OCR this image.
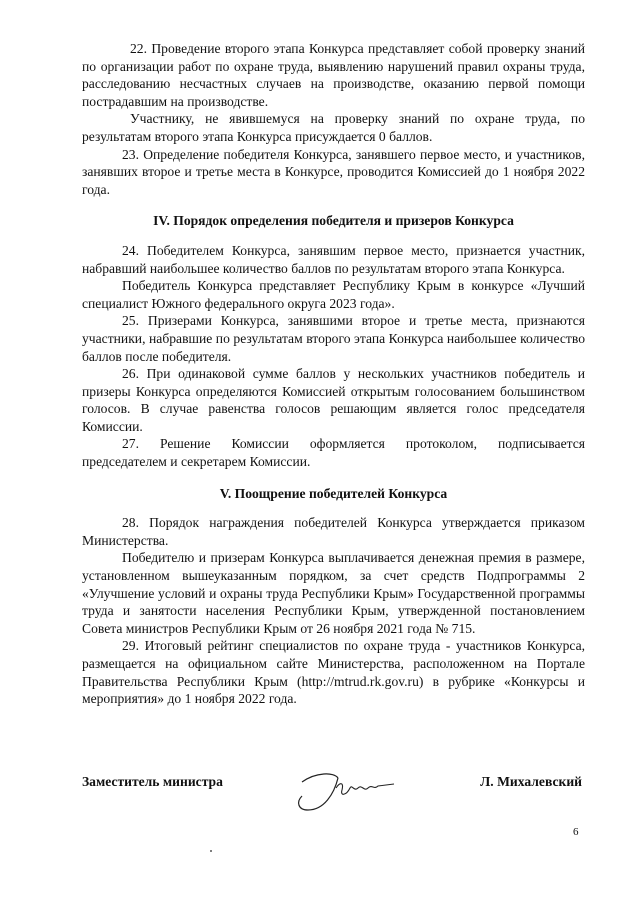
22. Проведение второго этапа Конкурса представляет собой проверку знаний по организации работ по охране труда, выявлению нарушений правил охраны труда, расследованию несчастных случаев на производстве, оказанию первой помощи пострадавшим на производстве.

Участнику, не явившемуся на проверку знаний по охране труда, по результатам второго этапа Конкурса присуждается 0 баллов.

23. Определение победителя Конкурса, занявшего первое место, и участников, занявших второе и третье места в Конкурсе, проводится Комиссией до 1 ноября 2022 года.

IV. Порядок определения победителя и призеров Конкурса

24. Победителем Конкурса, занявшим первое место, признается участник, набравший наибольшее количество баллов по результатам второго этапа Конкурса.

Победитель Конкурса представляет Республику Крым в конкурсе «Лучший специалист Южного федерального округа 2023 года».

25. Призерами Конкурса, занявшими второе и третье места, признаются участники, набравшие по результатам второго этапа Конкурса наибольшее количество баллов после победителя.

26. При одинаковой сумме баллов у нескольких участников победитель и призеры Конкурса определяются Комиссией открытым голосованием большинством голосов. В случае равенства голосов решающим является голос председателя Комиссии.

27. Решение Комиссии оформляется протоколом, подписывается председателем и секретарем Комиссии.

V. Поощрение победителей Конкурса

28. Порядок награждения победителей Конкурса утверждается приказом Министерства.

Победителю и призерам Конкурса выплачивается денежная премия в размере, установленном вышеуказанным порядком, за счет средств Подпрограммы 2 «Улучшение условий и охраны труда Республики Крым» Государственной программы труда и занятости населения Республики Крым, утвержденной постановлением Совета министров Республики Крым от 26 ноября 2021 года № 715.

29. Итоговый рейтинг специалистов по охране труда - участников Конкурса, размещается на официальном сайте Министерства, расположенном на Портале Правительства Республики Крым (http://mtrud.rk.gov.ru) в рубрике «Конкурсы и мероприятия» до 1 ноября 2022 года.

Заместитель министра	Л. Михалевский
6
